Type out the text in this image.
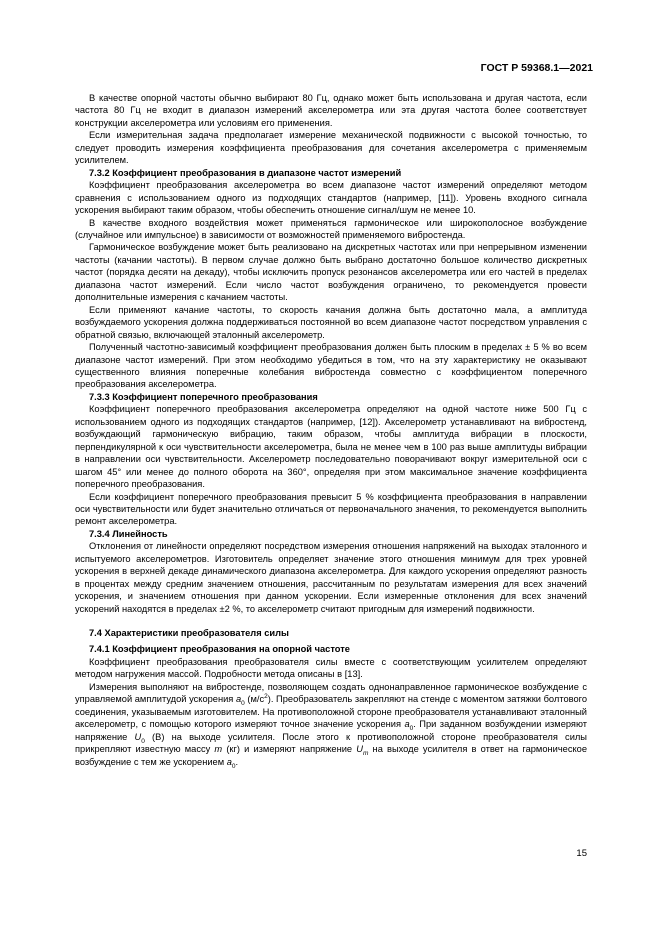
ГОСТ Р 59368.1—2021

В качестве опорной частоты обычно выбирают 80 Гц, однако может быть использована и другая частота, если частота 80 Гц не входит в диапазон измерений акселерометра или эта другая частота более соответствует конструкции акселерометра или условиям его применения.

Если измерительная задача предполагает измерение механической подвижности с высокой точностью, то следует проводить измерения коэффициента преобразования для сочетания акселерометра с применяемым усилителем.

7.3.2 Коэффициент преобразования в диапазоне частот измерений

Коэффициент преобразования акселерометра во всем диапазоне частот измерений определяют методом сравнения с использованием одного из подходящих стандартов (например, [11]). Уровень входного сигнала ускорения выбирают таким образом, чтобы обеспечить отношение сигнал/шум не менее 10.

В качестве входного воздействия может применяться гармоническое или широкополосное возбуждение (случайное или импульсное) в зависимости от возможностей применяемого вибростенда.

Гармоническое возбуждение может быть реализовано на дискретных частотах или при непрерывном изменении частоты (качании частоты). В первом случае должно быть выбрано достаточно большое количество дискретных частот (порядка десяти на декаду), чтобы исключить пропуск резонансов акселерометра или его частей в пределах диапазона частот измерений. Если число частот возбуждения ограничено, то рекомендуется провести дополнительные измерения с качанием частоты.

Если применяют качание частоты, то скорость качания должна быть достаточно мала, а амплитуда возбуждаемого ускорения должна поддерживаться постоянной во всем диапазоне частот посредством управления с обратной связью, включающей эталонный акселерометр.

Полученный частотно-зависимый коэффициент преобразования должен быть плоским в пределах ± 5 % во всем диапазоне частот измерений. При этом необходимо убедиться в том, что на эту характеристику не оказывают существенного влияния поперечные колебания вибростенда совместно с коэффициентом поперечного преобразования акселерометра.

7.3.3 Коэффициент поперечного преобразования

Коэффициент поперечного преобразования акселерометра определяют на одной частоте ниже 500 Гц с использованием одного из подходящих стандартов (например, [12]). Акселерометр устанавливают на вибростенд, возбуждающий гармоническую вибрацию, таким образом, чтобы амплитуда вибрации в плоскости, перпендикулярной к оси чувствительности акселерометра, была не менее чем в 100 раз выше амплитуды вибрации в направлении оси чувствительности. Акселерометр последовательно поворачивают вокруг измерительной оси с шагом 45° или менее до полного оборота на 360°, определяя при этом максимальное значение коэффициента поперечного преобразования.

Если коэффициент поперечного преобразования превысит 5 % коэффициента преобразования в направлении оси чувствительности или будет значительно отличаться от первоначального значения, то рекомендуется выполнить ремонт акселерометра.

7.3.4 Линейность

Отклонения от линейности определяют посредством измерения отношения напряжений на выходах эталонного и испытуемого акселерометров. Изготовитель определяет значение этого отношения минимум для трех уровней ускорения в верхней декаде динамического диапазона акселерометра. Для каждого ускорения определяют разность в процентах между средним значением отношения, рассчитанным по результатам измерения для всех значений ускорения, и значением отношения при данном ускорении. Если измеренные отклонения для всех значений ускорений находятся в пределах ±2 %, то акселерометр считают пригодным для измерений подвижности.

7.4 Характеристики преобразователя силы
7.4.1 Коэффициент преобразования на опорной частоте

Коэффициент преобразования преобразователя силы вместе с соответствующим усилителем определяют методом нагружения массой. Подробности метода описаны в [13].

Измерения выполняют на вибростенде, позволяющем создать однонаправленное гармоническое возбуждение с управляемой амплитудой ускорения $a_0$ $(м/с^2)$. Преобразователь закрепляют на стенде с моментом затяжки болтового соединения, указываемым изготовителем. На противоположной стороне преобразователя устанавливают эталонный акселерометр, с помощью которого измеряют точное значение ускорения $a_0$. При заданном возбуждении измеряют напряжение $U_0$ (В) на выходе усилителя. После этого к противоположной стороне преобразователя силы прикрепляют известную массу m (кг) и измеряют напряжение $U_m$ на выходе усилителя в ответ на гармоническое возбуждение с тем же ускорением $a_0$.

15
